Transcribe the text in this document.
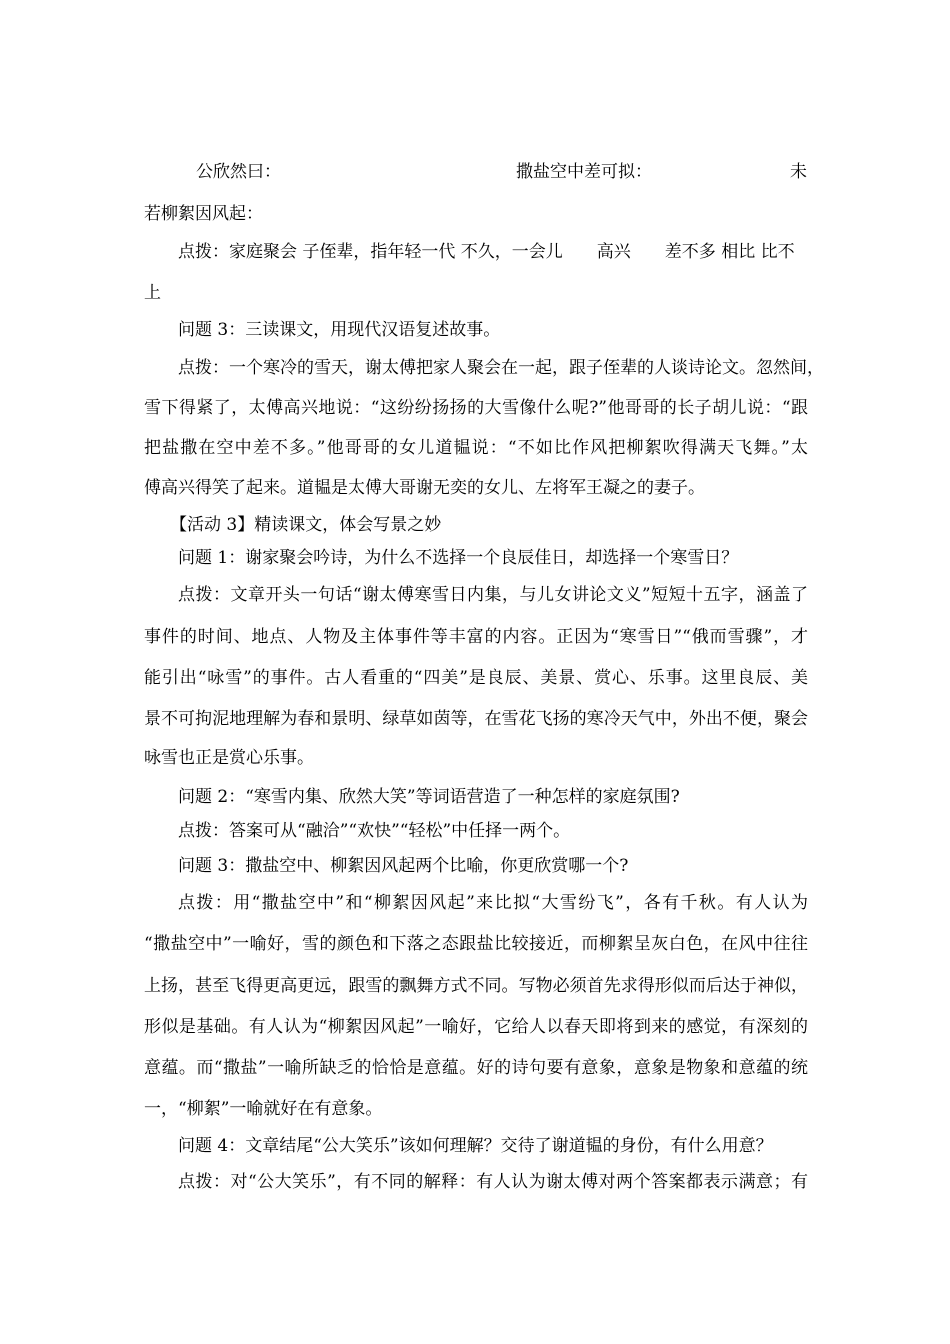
公欣然曰：	撒盐空中差可拟：	未
若柳絮因风起：
点拨：家庭聚会 子侄辈，指年轻一代 不久，一会儿　　高兴　　差不多 相比 比不
上
问题 3：三读课文，用现代汉语复述故事。
点拨：一个寒冷的雪天，谢太傅把家人聚会在一起，跟子侄辈的人谈诗论文。忽然间，
雪下得紧了，太傅高兴地说：“这纷纷扬扬的大雪像什么呢?”他哥哥的长子胡儿说：“跟
把盐撒在空中差不多。”他哥哥的女儿道韫说：“不如比作风把柳絮吹得满天飞舞。”太
傅高兴得笑了起来。道韫是太傅大哥谢无奕的女儿、左将军王凝之的妻子。
【活动 3】精读课文，体会写景之妙
问题 1：谢家聚会吟诗，为什么不选择一个良辰佳日，却选择一个寒雪日？
点拨：文章开头一句话“谢太傅寒雪日内集，与儿女讲论文义”短短十五字，涵盖了
事件的时间、地点、人物及主体事件等丰富的内容。正因为“寒雪日”“俄而雪骤”，才
能引出“咏雪”的事件。古人看重的“四美”是良辰、美景、赏心、乐事。这里良辰、美
景不可拘泥地理解为春和景明、绿草如茵等，在雪花飞扬的寒冷天气中，外出不便，聚会
咏雪也正是赏心乐事。
问题 2：“寒雪内集、欣然大笑”等词语营造了一种怎样的家庭氛围?
点拨：答案可从“融洽”“欢快”“轻松”中任择一两个。
问题 3：撒盐空中、柳絮因风起两个比喻，你更欣赏哪一个?
点拨：用“撒盐空中”和“柳絮因风起”来比拟“大雪纷飞”，各有千秋。有人认为
“撒盐空中”一喻好，雪的颜色和下落之态跟盐比较接近，而柳絮呈灰白色，在风中往往
上扬，甚至飞得更高更远，跟雪的飘舞方式不同。写物必须首先求得形似而后达于神似，
形似是基础。有人认为“柳絮因风起”一喻好，它给人以春天即将到来的感觉，有深刻的
意蕴。而“撒盐”一喻所缺乏的恰恰是意蕴。好的诗句要有意象，意象是物象和意蕴的统
一，“柳絮”一喻就好在有意象。
问题 4：文章结尾“公大笑乐”该如何理解？交待了谢道韫的身份，有什么用意？
点拨：对“公大笑乐”，有不同的解释：有人认为谢太傅对两个答案都表示满意；有
